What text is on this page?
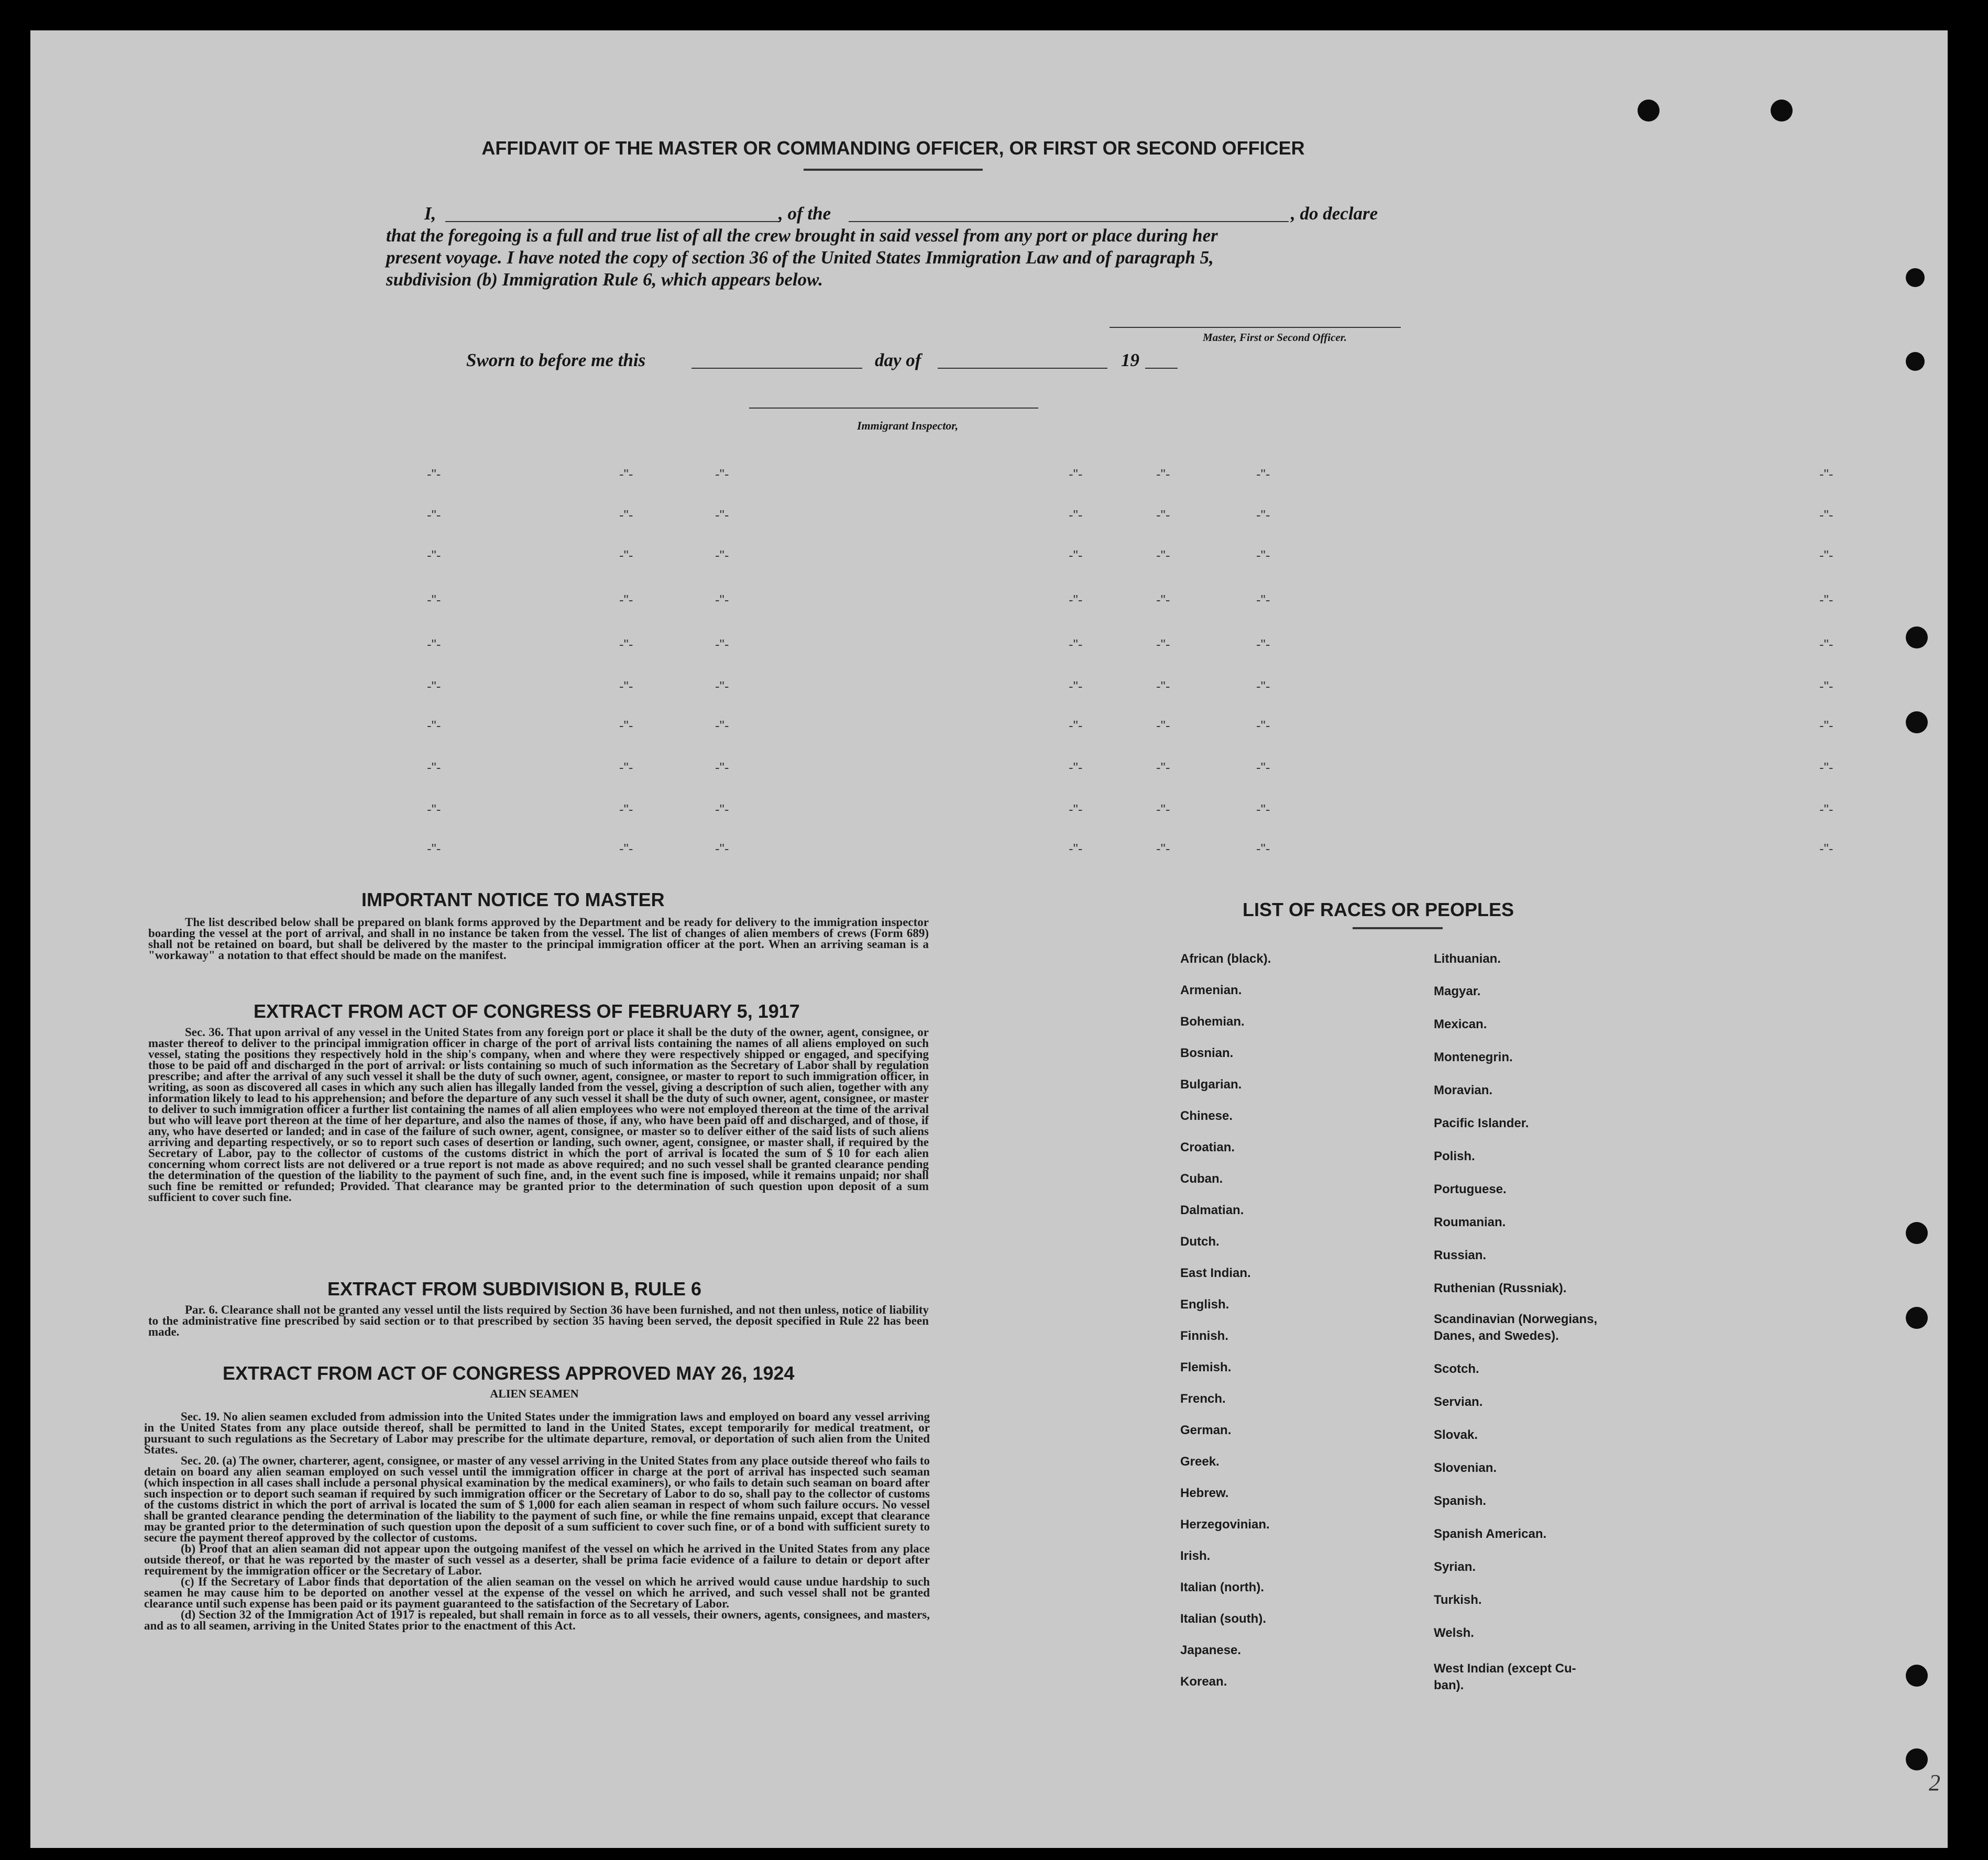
AFFIDAVIT OF THE MASTER OR COMMANDING OFFICER, OR FIRST OR SECOND OFFICER
I,	, of the	, do declare
that the foregoing is a full and true list of all the crew brought in said vessel from any port or place during her
present voyage. I have noted the copy of section 36 of the United States Immigration Law and of paragraph 5,
subdivision (b) Immigration Rule 6, which appears below.
Master, First or Second Officer.
Sworn to before me this	day of	19
Immigrant Inspector,
-"-	-"-	-"-	-"-	-"-	-"-	-"-
-"-	-"-	-"-	-"-	-"-	-"-	-"-
-"-	-"-	-"-	-"-	-"-	-"-	-"-
-"-	-"-	-"-	-"-	-"-	-"-	-"-
-"-	-"-	-"-	-"-	-"-	-"-	-"-
-"-	-"-	-"-	-"-	-"-	-"-	-"-
-"-	-"-	-"-	-"-	-"-	-"-	-"-
-"-	-"-	-"-	-"-	-"-	-"-	-"-
-"-	-"-	-"-	-"-	-"-	-"-	-"-
-"-	-"-	-"-	-"-	-"-	-"-	-"-
IMPORTANT NOTICE TO MASTER

The list described below shall be prepared on blank forms approved by the Department and be ready for delivery to the immigration inspector boarding the vessel at the port of arrival, and shall in no instance be taken from the vessel. The list of changes of alien members of crews (Form 689) shall not be retained on board, but shall be delivered by the master to the principal immigration officer at the port. When an arriving seaman is a "workaway" a notation to that effect should be made on the manifest.

EXTRACT FROM ACT OF CONGRESS OF FEBRUARY 5, 1917

Sec. 36. That upon arrival of any vessel in the United States from any foreign port or place it shall be the duty of the owner, agent, consignee, or master thereof to deliver to the principal immigration officer in charge of the port of arrival lists containing the names of all aliens employed on such vessel, stating the positions they respectively hold in the ship's company, when and where they were respectively shipped or engaged, and specifying those to be paid off and discharged in the port of arrival: or lists containing so much of such information as the Secretary of Labor shall by regulation prescribe; and after the arrival of any such vessel it shall be the duty of such owner, agent, consignee, or master to report to such immigration officer, in writing, as soon as discovered all cases in which any such alien has illegally landed from the vessel, giving a description of such alien, together with any information likely to lead to his apprehension; and before the departure of any such vessel it shall be the duty of such owner, agent, consignee, or master to deliver to such immigration officer a further list containing the names of all alien employees who were not employed thereon at the time of the arrival but who will leave port thereon at the time of her departure, and also the names of those, if any, who have been paid off and discharged, and of those, if any, who have deserted or landed; and in case of the failure of such owner, agent, consignee, or master so to deliver either of the said lists of such aliens arriving and departing respectively, or so to report such cases of desertion or landing, such owner, agent, consignee, or master shall, if required by the Secretary of Labor, pay to the collector of customs of the customs district in which the port of arrival is located the sum of $ 10 for each alien concerning whom correct lists are not delivered or a true report is not made as above required; and no such vessel shall be granted clearance pending the determination of the question of the liability to the payment of such fine, and, in the event such fine is imposed, while it remains unpaid; nor shall such fine be remitted or refunded; Provided. That clearance may be granted prior to the determination of such question upon deposit of a sum sufficient to cover such fine.

EXTRACT FROM SUBDIVISION B, RULE 6

Par. 6. Clearance shall not be granted any vessel until the lists required by Section 36 have been furnished, and not then unless, notice of liability to the administrative fine prescribed by said section or to that prescribed by section 35 having been served, the deposit specified in Rule 22 has been made.

EXTRACT FROM ACT OF CONGRESS APPROVED MAY 26, 1924
ALIEN SEAMEN

Sec. 19. No alien seamen excluded from admission into the United States under the immigration laws and employed on board any vessel arriving in the United States from any place outside thereof, shall be permitted to land in the United States, except temporarily for medical treatment, or pursuant to such regulations as the Secretary of Labor may prescribe for the ultimate departure, removal, or deportation of such alien from the United States.

Sec. 20. (a) The owner, charterer, agent, consignee, or master of any vessel arriving in the United States from any place outside thereof who fails to detain on board any alien seaman employed on such vessel until the immigration officer in charge at the port of arrival has inspected such seaman (which inspection in all cases shall include a personal physical examination by the medical examiners), or who fails to detain such seaman on board after such inspection or to deport such seaman if required by such immigration officer or the Secretary of Labor to do so, shall pay to the collector of customs of the customs district in which the port of arrival is located the sum of $ 1,000 for each alien seaman in respect of whom such failure occurs. No vessel shall be granted clearance pending the determination of the liability to the payment of such fine, or while the fine remains unpaid, except that clearance may be granted prior to the determination of such question upon the deposit of a sum sufficient to cover such fine, or of a bond with sufficient surety to secure the payment thereof approved by the collector of customs.

(b) Proof that an alien seaman did not appear upon the outgoing manifest of the vessel on which he arrived in the United States from any place outside thereof, or that he was reported by the master of such vessel as a deserter, shall be prima facie evidence of a failure to detain or deport after requirement by the immigration officer or the Secretary of Labor.

(c) If the Secretary of Labor finds that deportation of the alien seaman on the vessel on which he arrived would cause undue hardship to such seamen he may cause him to be deported on another vessel at the expense of the vessel on which he arrived, and such vessel shall not be granted clearance until such expense has been paid or its payment guaranteed to the satisfaction of the Secretary of Labor.

(d) Section 32 of the Immigration Act of 1917 is repealed, but shall remain in force as to all vessels, their owners, agents, consignees, and masters, and as to all seamen, arriving in the United States prior to the enactment of this Act.

LIST OF RACES OR PEOPLES
African (black).
Armenian.
Bohemian.
Bosnian.
Bulgarian.
Chinese.
Croatian.
Cuban.
Dalmatian.
Dutch.
East Indian.
English.
Finnish.
Flemish.
French.
German.
Greek.
Hebrew.
Herzegovinian.
Irish.
Italian (north).
Italian (south).
Japanese.
Korean.
Lithuanian.
Magyar.
Mexican.
Montenegrin.
Moravian.
Pacific Islander.
Polish.
Portuguese.
Roumanian.
Russian.
Ruthenian (Russniak).
Scandinavian (Norwegians,
Danes, and Swedes).
Scotch.
Servian.
Slovak.
Slovenian.
Spanish.
Spanish American.
Syrian.
Turkish.
Welsh.
West Indian (except Cu-
ban).
2
